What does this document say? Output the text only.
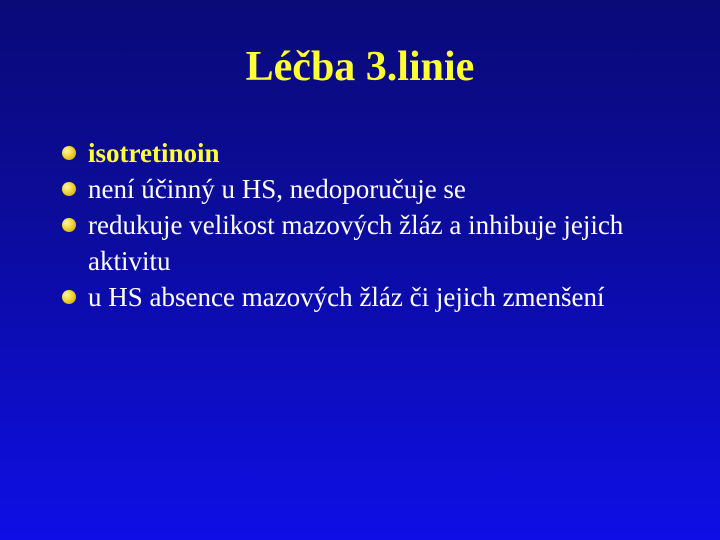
Léčba 3.linie
isotretinoin
není účinný u HS, nedoporučuje se
redukuje velikost mazových žláz a inhibuje jejich aktivitu
u HS absence mazových žláz či jejich zmenšení
